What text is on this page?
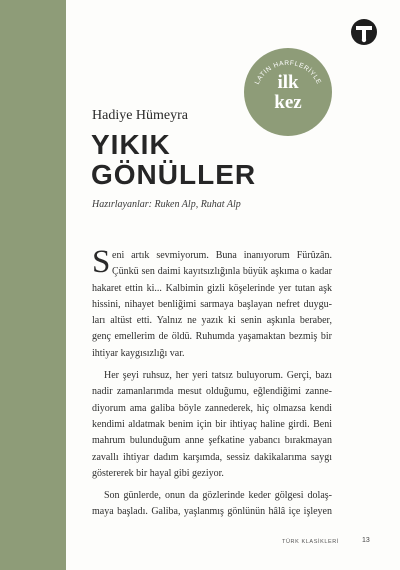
LATIN HARFLERİYLE
ilk
kez
Hadiye Hümeyra
YIKIK
GÖNÜLLER
Hazırlayanlar: Ruken Alp, Ruhat Alp
S eni artık sevmiyorum. Buna inanıyorum Fürûzân.
Çünkü sen daimi kayıtsızlığınla büyük aşkıma o kadar
hakaret ettin ki... Kalbimin gizli köşelerinde yer tutan aşk
hissini, nihayet benliğimi sarmaya başlayan nefret duygu-
ları altüst etti. Yalnız ne yazık ki senin aşkınla beraber,
genç emellerim de öldü. Ruhumda yaşamaktan bezmiş bir
ihtiyar kaygısızlığı var.
Her şeyi ruhsuz, her yeri tatsız buluyorum. Gerçi, bazı
nadir zamanlarımda mesut olduğumu, eğlendiğimi zanne-
diyorum ama galiba böyle zannederek, hiç olmazsa kendi
kendimi aldatmak benim için bir ihtiyaç haline girdi. Beni
mahrum bulunduğum anne şefkatine yabancı bırakmayan
zavallı ihtiyar dadım karşımda, sessiz dakikalarıma saygı
göstererek bir hayal gibi geziyor.
Son günlerde, onun da gözlerinde keder gölgesi dolaş-
maya başladı. Galiba, yaşlanmış gönlünün hâlâ içe işleyen
TÜRK KLASİKLERİ	13
